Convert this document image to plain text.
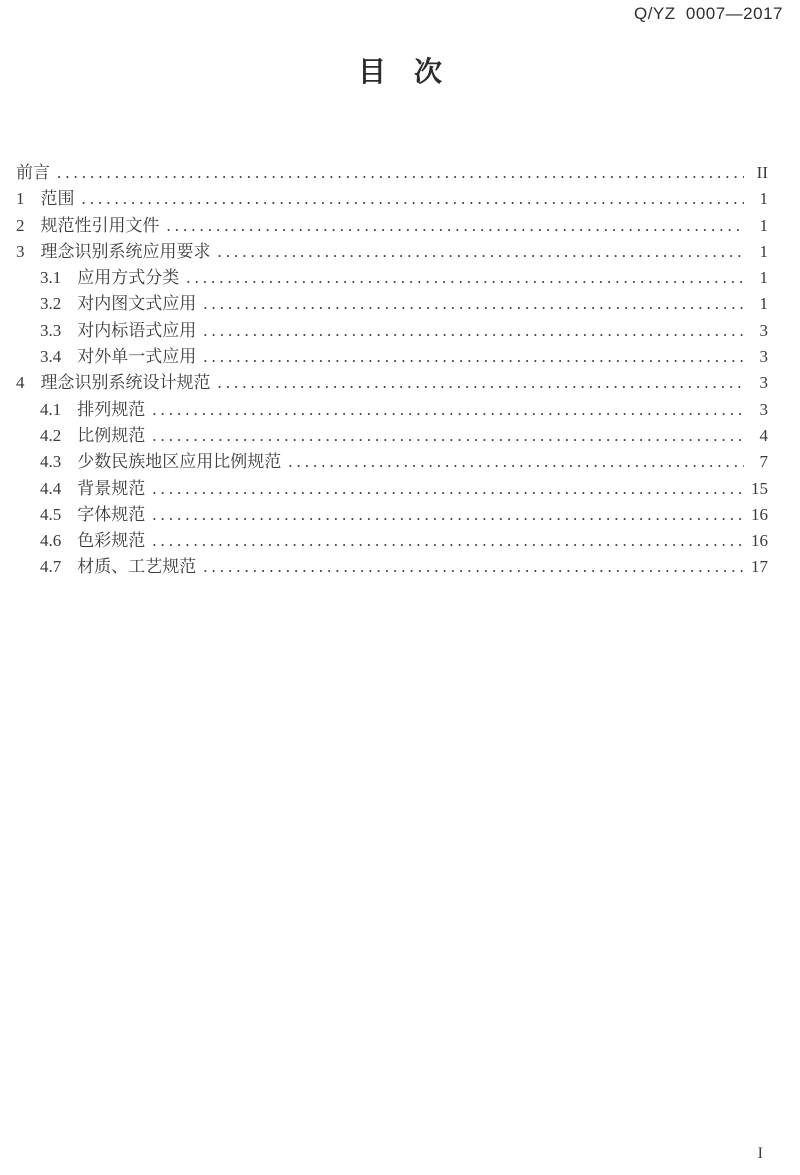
Q/YZ 0007—2017
目　次
前言 .....	II
1 范围 .....	1
2 规范性引用文件 .....	1
3 理念识别系统应用要求 .....	1
3.1 应用方式分类 .....	1
3.2 对内图文式应用 .....	1
3.3 对内标语式应用 .....	3
3.4 对外单一式应用 .....	3
4 理念识别系统设计规范 .....	3
4.1 排列规范 .....	3
4.2 比例规范 .....	4
4.3 少数民族地区应用比例规范 .....	7
4.4 背景规范 .....	15
4.5 字体规范 .....	16
4.6 色彩规范 .....	16
4.7 材质、工艺规范 .....	17
I
